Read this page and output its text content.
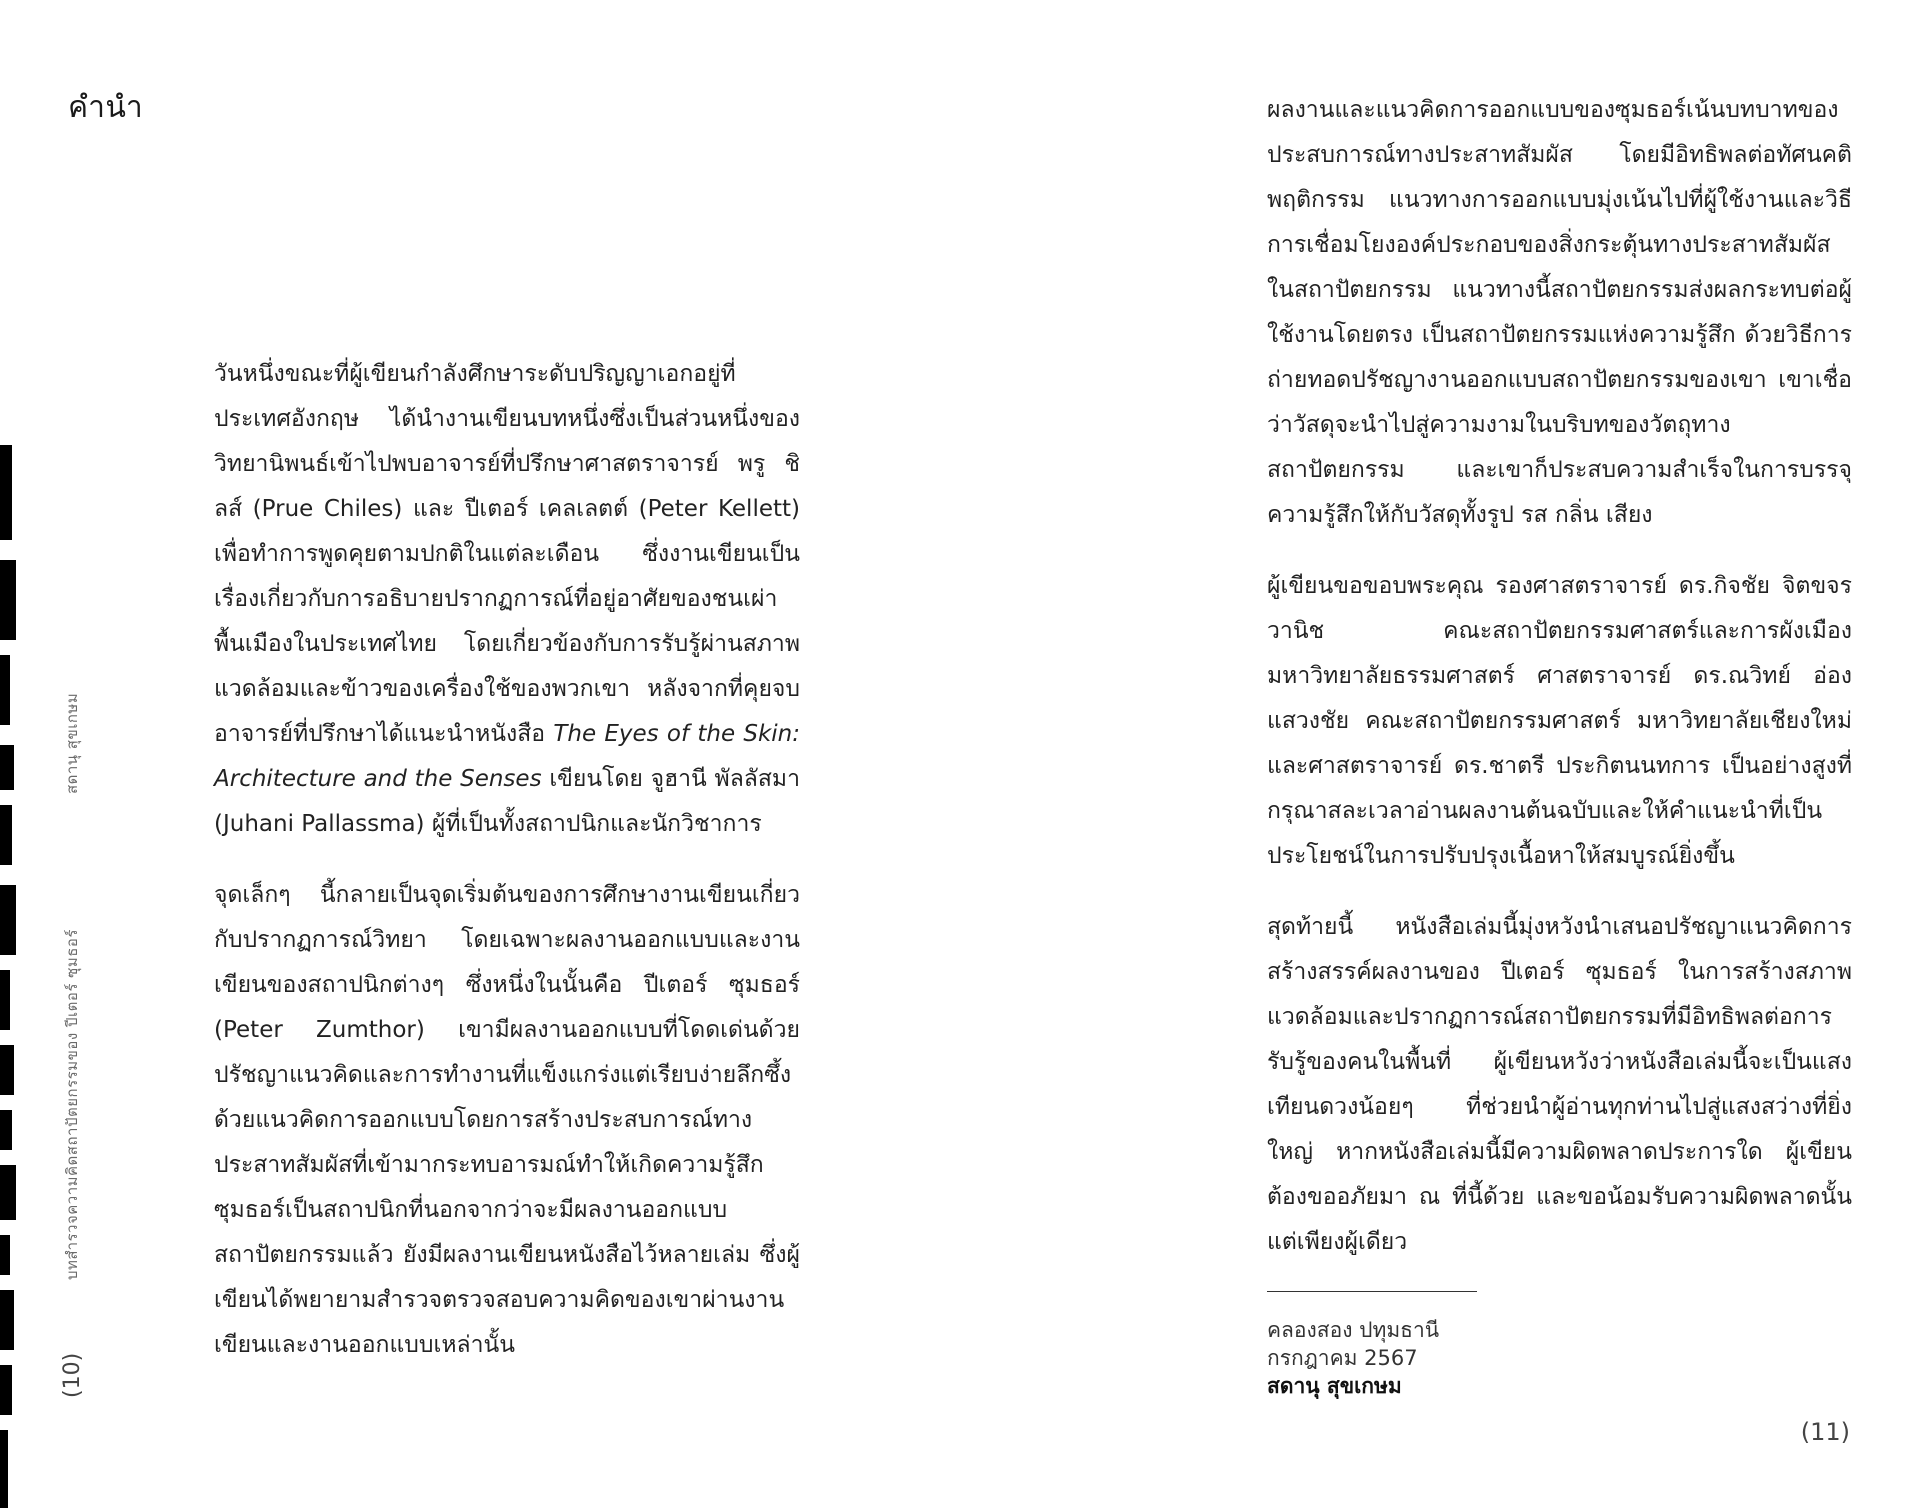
คำนำ
บทสำรวจความคิดสถาปัตยกรรมของ ปีเตอร์ ซุมธอร์สดานุ สุขเกษม
(10)

วันหนึ่งขณะที่ผู้เขียนกำลังศึกษาระดับปริญญาเอกอยู่ที่ประเทศอังกฤษ ได้นำงานเขียนบทหนึ่งซึ่งเป็นส่วนหนึ่งของวิทยานิพนธ์เข้าไปพบอาจารย์ที่ปรึกษาศาสตราจารย์ พรู ชิลส์ (Prue Chiles) และ ปีเตอร์ เคลเลตต์ (Peter Kellett) เพื่อทำการพูดคุยตามปกติในแต่ละเดือน ซึ่งงานเขียนเป็นเรื่องเกี่ยวกับการอธิบายปรากฏการณ์ที่อยู่อาศัยของชนเผ่าพื้นเมืองในประเทศไทย โดยเกี่ยวข้องกับการรับรู้ผ่านสภาพแวดล้อมและข้าวของเครื่องใช้ของพวกเขา หลังจากที่คุยจบ อาจารย์ที่ปรึกษาได้แนะนำหนังสือ The Eyes of the Skin: Architecture and the Senses เขียนโดย จูฮานี พัลลัสมา (Juhani Pallassma) ผู้ที่เป็นทั้งสถาปนิกและนักวิชาการ

จุดเล็กๆ นี้กลายเป็นจุดเริ่มต้นของการศึกษางานเขียนเกี่ยวกับปรากฏการณ์วิทยา โดยเฉพาะผลงานออกแบบและงานเขียนของสถาปนิกต่างๆ ซึ่งหนึ่งในนั้นคือ ปีเตอร์ ซุมธอร์ (Peter Zumthor) เขามีผลงานออกแบบที่โดดเด่นด้วยปรัชญาแนวคิดและการทำงานที่แข็งแกร่งแต่เรียบง่ายลึกซึ้ง ด้วยแนวคิดการออกแบบโดยการสร้างประสบการณ์ทางประสาทสัมผัสที่เข้ามากระทบอารมณ์ทำให้เกิดความรู้สึก ซุมธอร์เป็นสถาปนิกที่นอกจากว่าจะมีผลงานออกแบบสถาปัตยกรรมแล้ว ยังมีผลงานเขียนหนังสือไว้หลายเล่ม ซึ่งผู้เขียนได้พยายามสำรวจตรวจสอบความคิดของเขาผ่านงานเขียนและงานออกแบบเหล่านั้น

ผลงานและแนวคิดการออกแบบของซุมธอร์เน้นบทบาทของประสบการณ์ทางประสาทสัมผัส โดยมีอิทธิพลต่อทัศนคติพฤติกรรม แนวทางการออกแบบมุ่งเน้นไปที่ผู้ใช้งานและวิธีการเชื่อมโยงองค์ประกอบของสิ่งกระตุ้นทางประสาทสัมผัสในสถาปัตยกรรม แนวทางนี้สถาปัตยกรรมส่งผลกระทบต่อผู้ใช้งานโดยตรง เป็นสถาปัตยกรรมแห่งความรู้สึก ด้วยวิธีการถ่ายทอดปรัชญางานออกแบบสถาปัตยกรรมของเขา เขาเชื่อว่าวัสดุจะนำไปสู่ความงามในบริบทของวัตถุทางสถาปัตยกรรม และเขาก็ประสบความสำเร็จในการบรรจุความรู้สึกให้กับวัสดุทั้งรูป รส กลิ่น เสียง

ผู้เขียนขอขอบพระคุณ รองศาสตราจารย์ ดร.กิจชัย จิตขจรวานิช คณะสถาปัตยกรรมศาสตร์และการผังเมือง มหาวิทยาลัยธรรมศาสตร์ ศาสตราจารย์ ดร.ณวิทย์ อ่องแสวงชัย คณะสถาปัตยกรรมศาสตร์ มหาวิทยาลัยเชียงใหม่ และศาสตราจารย์ ดร.ชาตรี ประกิตนนทการ เป็นอย่างสูงที่กรุณาสละเวลาอ่านผลงานต้นฉบับและให้คำแนะนำที่เป็นประโยชน์ในการปรับปรุงเนื้อหาให้สมบูรณ์ยิ่งขึ้น

สุดท้ายนี้ หนังสือเล่มนี้มุ่งหวังนำเสนอปรัชญาแนวคิดการสร้างสรรค์ผลงานของ ปีเตอร์ ซุมธอร์ ในการสร้างสภาพแวดล้อมและปรากฏการณ์สถาปัตยกรรมที่มีอิทธิพลต่อการรับรู้ของคนในพื้นที่ ผู้เขียนหวังว่าหนังสือเล่มนี้จะเป็นแสงเทียนดวงน้อยๆ ที่ช่วยนำผู้อ่านทุกท่านไปสู่แสงสว่างที่ยิ่งใหญ่ หากหนังสือเล่มนี้มีความผิดพลาดประการใด ผู้เขียนต้องขออภัยมา ณ ที่นี้ด้วย และขอน้อมรับความผิดพลาดนั้นแต่เพียงผู้เดียว

คลองสอง ปทุมธานี
กรกฎาคม 2567
สดานุ สุขเกษม
(11)
